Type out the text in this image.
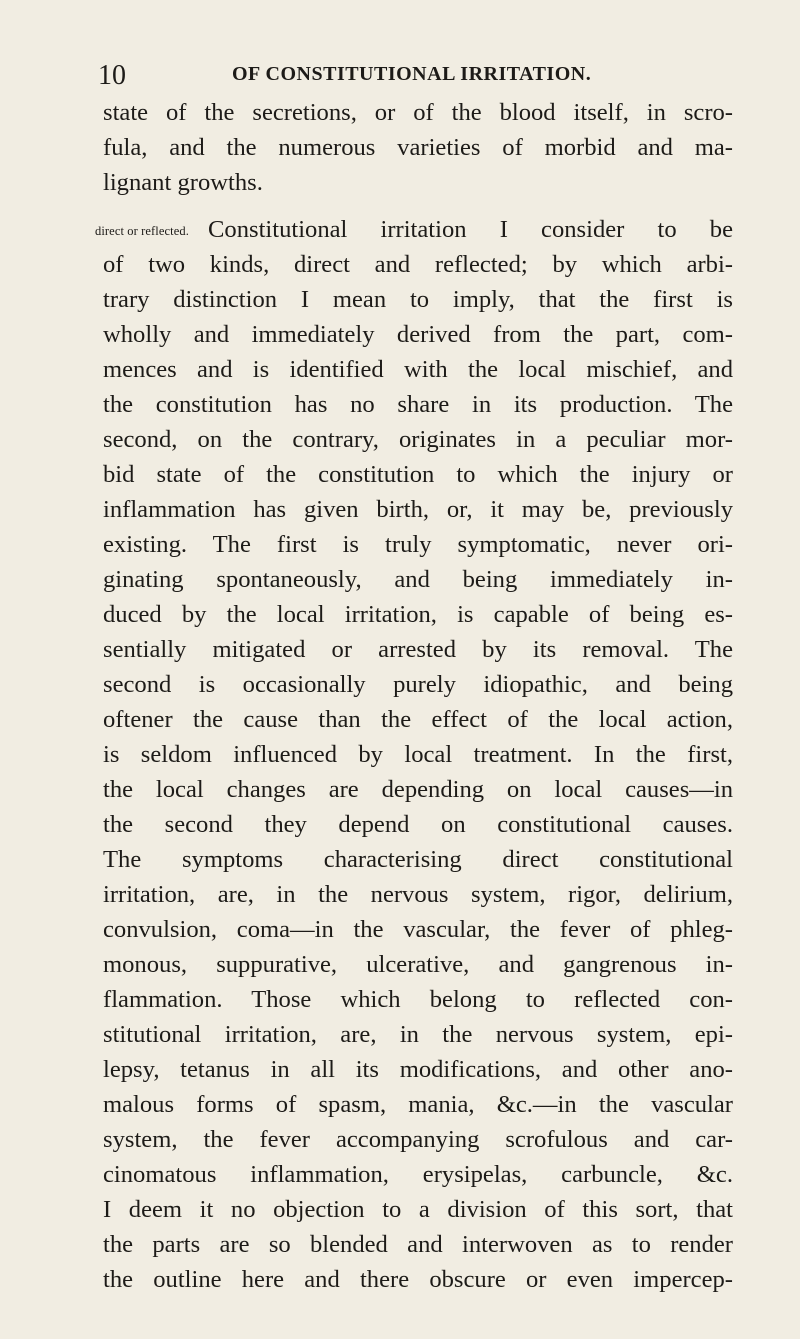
10	OF CONSTITUTIONAL IRRITATION.
state of the secretions, or of the blood itself, in scro-
fula, and the numerous varieties of morbid and ma-
lignant growths.
direct or reflected. Constitutional irritation I consider to be
of two kinds, direct and reflected; by which arbi-
trary distinction I mean to imply, that the first is
wholly and immediately derived from the part, com-
mences and is identified with the local mischief, and
the constitution has no share in its production. The
second, on the contrary, originates in a peculiar mor-
bid state of the constitution to which the injury or
inflammation has given birth, or, it may be, previously
existing. The first is truly symptomatic, never ori-
ginating spontaneously, and being immediately in-
duced by the local irritation, is capable of being es-
sentially mitigated or arrested by its removal. The
second is occasionally purely idiopathic, and being
oftener the cause than the effect of the local action,
is seldom influenced by local treatment. In the first,
the local changes are depending on local causes—in
the second they depend on constitutional causes.
The symptoms characterising direct constitutional
irritation, are, in the nervous system, rigor, delirium,
convulsion, coma—in the vascular, the fever of phleg-
monous, suppurative, ulcerative, and gangrenous in-
flammation. Those which belong to reflected con-
stitutional irritation, are, in the nervous system, epi-
lepsy, tetanus in all its modifications, and other ano-
malous forms of spasm, mania, &c.—in the vascular
system, the fever accompanying scrofulous and car-
cinomatous inflammation, erysipelas, carbuncle, &c.
I deem it no objection to a division of this sort, that
the parts are so blended and interwoven as to render
the outline here and there obscure or even impercep-
